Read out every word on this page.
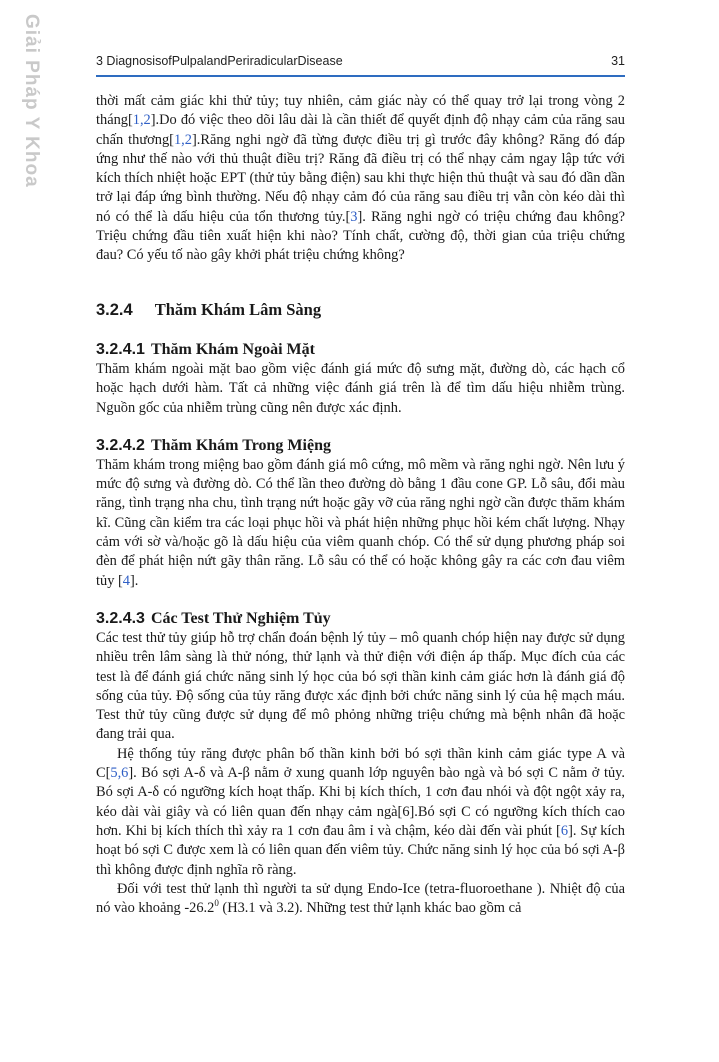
Giải Pháp Y Khoa	3 DiagnosisofPulpalandPeriradicularDisease	31

thời mất cảm giác khi thử tủy; tuy nhiên, cảm giác này có thể quay trở lại trong vòng 2 tháng[1,2].Do đó việc theo dõi lâu dài là cần thiết để quyết định độ nhạy cảm của răng sau chấn thương[1,2].Răng nghi ngờ đã từng được điều trị gì trước đây không? Răng đó đáp ứng như thế nào với thủ thuật điều trị? Răng đã điều trị có thể nhạy cảm ngay lập tức với kích thích nhiệt hoặc EPT (thử tủy bằng điện) sau khi thực hiện thủ thuật và sau đó dần dần trở lại đáp ứng bình thường. Nếu độ nhạy cảm đó của răng sau điều trị vẫn còn kéo dài thì nó có thể là dấu hiệu của tổn thương tủy.[3]. Răng nghi ngờ có triệu chứng đau không? Triệu chứng đầu tiên xuất hiện khi nào? Tính chất, cường độ, thời gian của triệu chứng đau? Có yếu tố nào gây khởi phát triệu chứng không?

3.2.4 Thăm Khám Lâm Sàng
3.2.4.1 Thăm Khám Ngoài Mặt

Thăm khám ngoài mặt bao gồm việc đánh giá mức độ sưng mặt, đường dò, các hạch cổ hoặc hạch dưới hàm. Tất cả những việc đánh giá trên là để tìm dấu hiệu nhiễm trùng. Nguồn gốc của nhiễm trùng cũng nên được xác định.

3.2.4.2 Thăm Khám Trong Miệng

Thăm khám trong miệng bao gồm đánh giá mô cứng, mô mềm và răng nghi ngờ. Nên lưu ý mức độ sưng và đường dò. Có thể lần theo đường dò bằng 1 đầu cone GP. Lỗ sâu, đổi màu răng, tình trạng nha chu, tình trạng nứt hoặc gãy vỡ của răng nghi ngờ cần được thăm khám kĩ. Cũng cần kiểm tra các loại phục hồi và phát hiện những phục hồi kém chất lượng. Nhạy cảm với sờ và/hoặc gõ là dấu hiệu của viêm quanh chóp. Có thể sử dụng phương pháp soi đèn để phát hiện nứt gãy thân răng. Lỗ sâu có thể có hoặc không gây ra các cơn đau viêm tủy [4].

3.2.4.3 Các Test Thử Nghiệm Tủy

Các test thử tủy giúp hỗ trợ chẩn đoán bệnh lý tủy – mô quanh chóp hiện nay được sử dụng nhiều trên lâm sàng là thử nóng, thử lạnh và thử điện với điện áp thấp. Mục đích của các test là để đánh giá chức năng sinh lý học của bó sợi thần kinh cảm giác hơn là đánh giá độ sống của tủy. Độ sống của tủy răng được xác định bởi chức năng sinh lý của hệ mạch máu. Test thử tủy cũng được sử dụng để mô phỏng những triệu chứng mà bệnh nhân đã hoặc đang trải qua.

Hệ thống tủy răng được phân bố thần kinh bởi bó sợi thần kinh cảm giác type A và C[5,6]. Bó sợi A-δ và A-β nằm ở xung quanh lớp nguyên bào ngà và bó sợi C nằm ở tủy. Bó sợi A-δ có ngưỡng kích hoạt thấp. Khi bị kích thích, 1 cơn đau nhói và đột ngột xảy ra, kéo dài vài giây và có liên quan đến nhạy cảm ngà[6].Bó sợi C có ngưỡng kích thích cao hơn. Khi bị kích thích thì xảy ra 1 cơn đau âm ỉ và chậm, kéo dài đến vài phút [6]. Sự kích hoạt bó sợi C được xem là có liên quan đến viêm tủy. Chức năng sinh lý học của bó sợi A-β thì không được định nghĩa rõ ràng.

Đối với test thử lạnh thì người ta sử dụng Endo-Ice (tetra-fluoroethane ). Nhiệt độ của nó vào khoảng -26.2$^0$ (H3.1 và 3.2). Những test thử lạnh khác bao gồm cả
